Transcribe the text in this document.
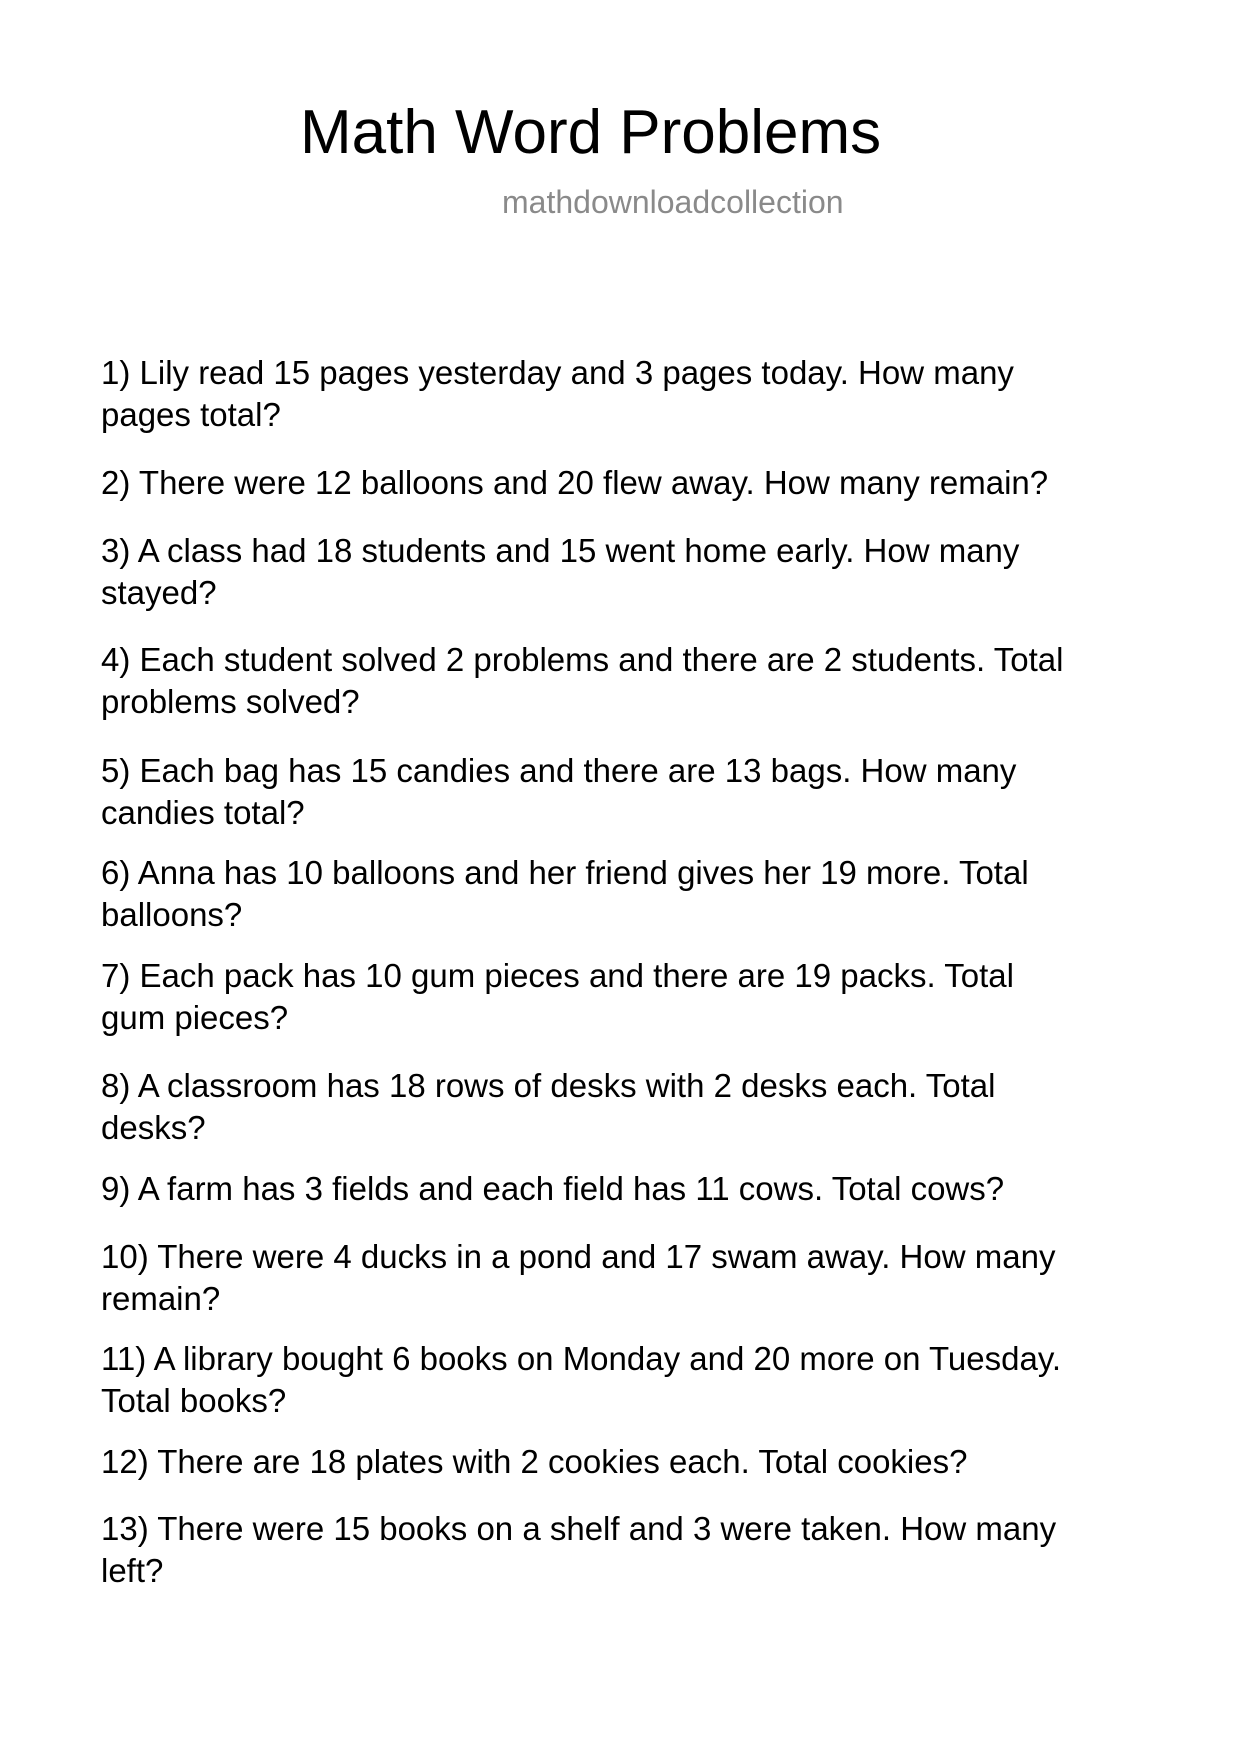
Math Word Problems
mathdownloadcollection
1) Lily read 15 pages yesterday and 3 pages today. How many
pages total?
2) There were 12 balloons and 20 flew away. How many remain?
3) A class had 18 students and 15 went home early. How many
stayed?
4) Each student solved 2 problems and there are 2 students. Total
problems solved?
5) Each bag has 15 candies and there are 13 bags. How many
candies total?
6) Anna has 10 balloons and her friend gives her 19 more. Total
balloons?
7) Each pack has 10 gum pieces and there are 19 packs. Total
gum pieces?
8) A classroom has 18 rows of desks with 2 desks each. Total
desks?
9) A farm has 3 fields and each field has 11 cows. Total cows?
10) There were 4 ducks in a pond and 17 swam away. How many
remain?
11) A library bought 6 books on Monday and 20 more on Tuesday.
Total books?
12) There are 18 plates with 2 cookies each. Total cookies?
13) There were 15 books on a shelf and 3 were taken. How many
left?
